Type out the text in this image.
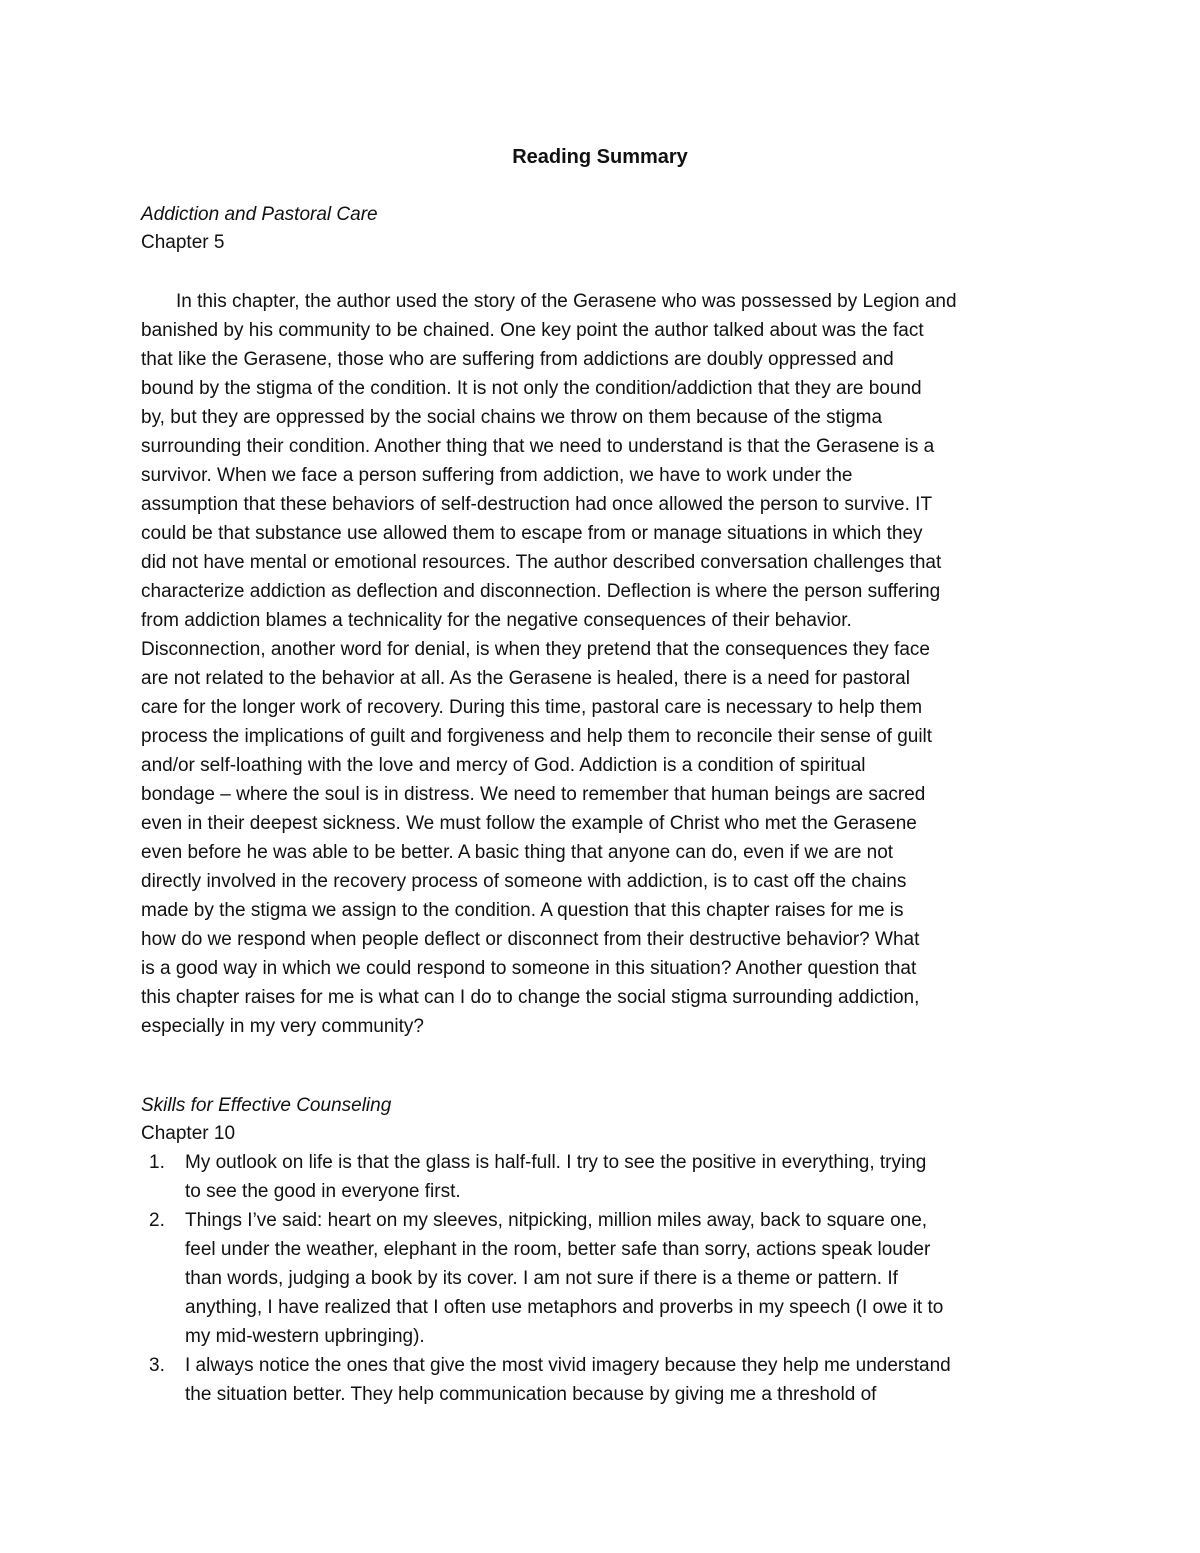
Reading Summary
Addiction and Pastoral Care
Chapter 5
In this chapter, the author used the story of the Gerasene who was possessed by Legion and
banished by his community to be chained. One key point the author talked about was the fact
that like the Gerasene, those who are suffering from addictions are doubly oppressed and
bound by the stigma of the condition. It is not only the condition/addiction that they are bound
by, but they are oppressed by the social chains we throw on them because of the stigma
surrounding their condition. Another thing that we need to understand is that the Gerasene is a
survivor. When we face a person suffering from addiction, we have to work under the
assumption that these behaviors of self-destruction had once allowed the person to survive. IT
could be that substance use allowed them to escape from or manage situations in which they
did not have mental or emotional resources. The author described conversation challenges that
characterize addiction as deflection and disconnection. Deflection is where the person suffering
from addiction blames a technicality for the negative consequences of their behavior.
Disconnection, another word for denial, is when they pretend that the consequences they face
are not related to the behavior at all. As the Gerasene is healed, there is a need for pastoral
care for the longer work of recovery. During this time, pastoral care is necessary to help them
process the implications of guilt and forgiveness and help them to reconcile their sense of guilt
and/or self-loathing with the love and mercy of God. Addiction is a condition of spiritual
bondage – where the soul is in distress. We need to remember that human beings are sacred
even in their deepest sickness. We must follow the example of Christ who met the Gerasene
even before he was able to be better. A basic thing that anyone can do, even if we are not
directly involved in the recovery process of someone with addiction, is to cast off the chains
made by the stigma we assign to the condition. A question that this chapter raises for me is
how do we respond when people deflect or disconnect from their destructive behavior? What
is a good way in which we could respond to someone in this situation? Another question that
this chapter raises for me is what can I do to change the social stigma surrounding addiction,
especially in my very community?
Skills for Effective Counseling
Chapter 10
1. My outlook on life is that the glass is half-full. I try to see the positive in everything, trying
to see the good in everyone first.
2. Things I’ve said: heart on my sleeves, nitpicking, million miles away, back to square one,
feel under the weather, elephant in the room, better safe than sorry, actions speak louder
than words, judging a book by its cover. I am not sure if there is a theme or pattern. If
anything, I have realized that I often use metaphors and proverbs in my speech (I owe it to
my mid-western upbringing).
3. I always notice the ones that give the most vivid imagery because they help me understand
the situation better. They help communication because by giving me a threshold of
